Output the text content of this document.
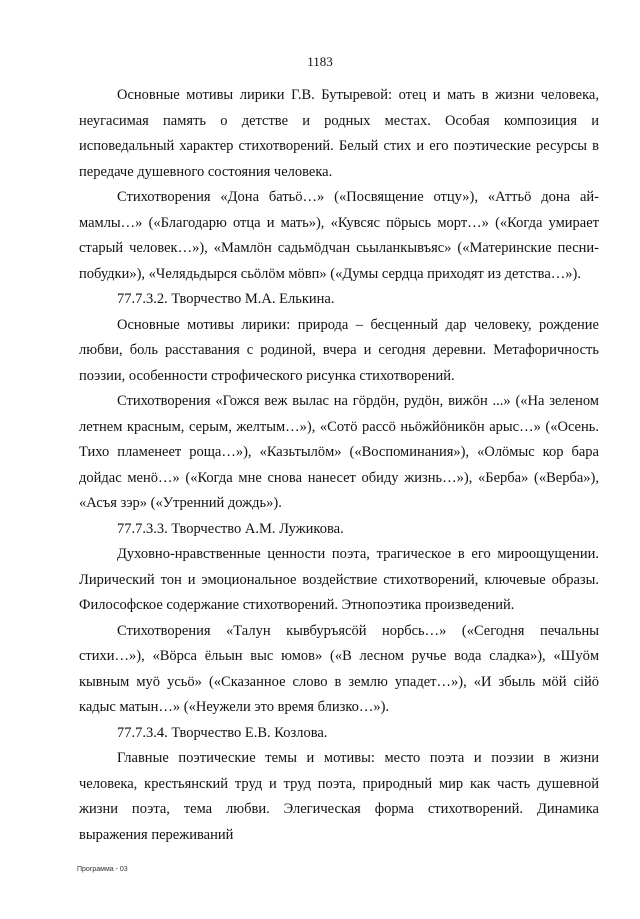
1183

Основные мотивы лирики Г.В. Бутыревой: отец и мать в жизни человека, неугасимая память о детстве и родных местах. Особая композиция и исповедальный характер стихотворений. Белый стих и его поэтические ресурсы в передаче душевного состояния человека.

Стихотворения «Дона батьӧ…» («Посвящение отцу»), «Аттьӧ дона ай-мамлы…» («Благодарю отца и мать»), «Кувсяс пӧрысь морт…» («Когда умирает старый человек…»), «Мамлӧн садьмӧдчан сьыланкывъяс» («Материнские песни-побудки»), «Челядьдырся сьӧлӧм мӧвп» («Думы сердца приходят из детства…»).

77.7.3.2. Творчество М.А. Елькина.

Основные мотивы лирики: природа – бесценный дар человеку, рождение любви, боль расставания с родиной, вчера и сегодня деревни. Метафоричность поэзии, особенности строфического рисунка стихотворений.

Стихотворения «Гожся веж вылас на гӧрдӧн, рудӧн, вижӧн ...» («На зеленом летнем красным, серым, желтым…»), «Сотӧ рассӧ ньӧжйӧникӧн арыс…» («Осень. Тихо пламенеет роща…»), «Казьтылӧм» («Воспоминания»), «Олӧмыс кор бара дойдас менӧ…» («Когда мне снова нанесет обиду жизнь…»), «Берба» («Верба»), «Асъя зэр» («Утренний дождь»).

77.7.3.3. Творчество А.М. Лужикова.

Духовно-нравственные ценности поэта, трагическое в его мироощущении. Лирический тон и эмоциональное воздействие стихотворений, ключевые образы. Философское содержание стихотворений. Этнопоэтика произведений.

Стихотворения «Талун кывбуръясӧй норбсь…» («Сегодня печальны стихи…»), «Вӧрса ёльын выс юмов» («В лесном ручье вода сладка»), «Шуӧм кывным муӧ усьӧ» («Сказанное слово в землю упадет…»), «И збыль мӧй сійӧ кадыс матын…» («Неужели это время близко…»).

77.7.3.4. Творчество Е.В. Козлова.

Главные поэтические темы и мотивы: место поэта и поэзии в жизни человека, крестьянский труд и труд поэта, природный мир как часть душевной жизни поэта, тема любви. Элегическая форма стихотворений. Динамика выражения переживаний

Программа - 03
